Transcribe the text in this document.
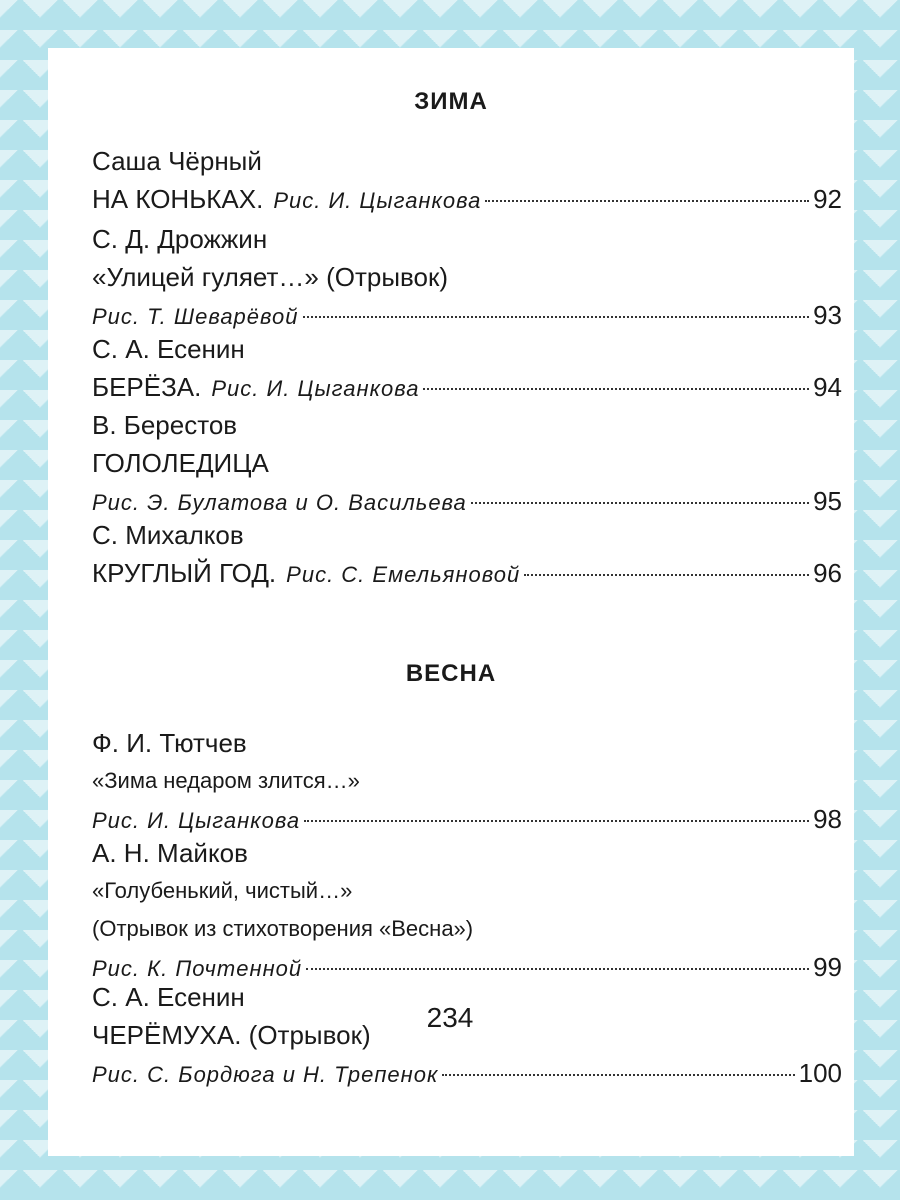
ЗИМА
Саша Чёрный
НА КОНЬКАХ. Рис. И. Цыганкова	92
С. Д. Дрожжин
«Улицей гуляет…» (Отрывок)
Рис. Т. Шеварёвой	93
С. А. Есенин
БЕРЁЗА. Рис. И. Цыганкова	94
В. Берестов
ГОЛОЛЕДИЦА
Рис. Э. Булатова и О. Васильева	95
С. Михалков
КРУГЛЫЙ ГОД. Рис. С. Емельяновой	96
ВЕСНА
Ф. И. Тютчев
«Зима недаром злится…»
Рис. И. Цыганкова	98
А. Н. Майков
«Голубенький, чистый…»
(Отрывок из стихотворения «Весна»)
Рис. К. Почтенной	99
С. А. Есенин
ЧЕРЁМУХА. (Отрывок)
Рис. С. Бордюга и Н. Трепенок	100
234
